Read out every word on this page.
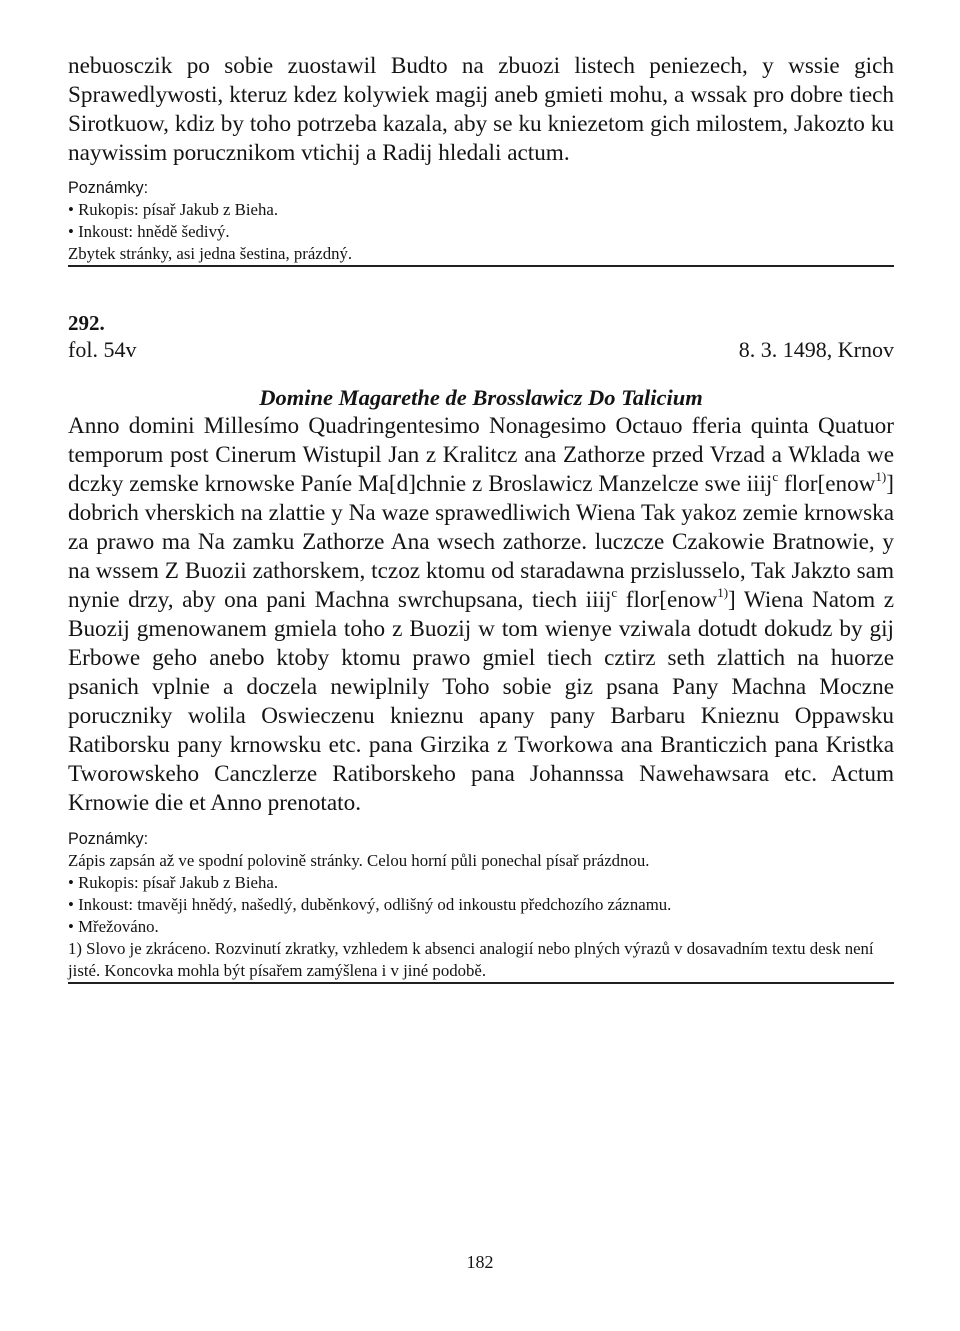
nebuosczik po sobie zuostawil Budto na zbuozi listech peniezech, y wssie gich Sprawedlywosti, kteruz kdez kolywiek magij aneb gmieti mohu, a wssak pro dobre tiech Sirotkuow, kdiz by toho potrzeba kazala, aby se ku kniezetom gich milostem, Jakozto ku naywissim porucznikom vtichij a Radij hledali actum.

Poznámky:

• Rukopis: písař Jakub z Bieha.
• Inkoust: hnědě šedivý.
Zbytek stránky, asi jedna šestina, prázdný.

292.

fol. 54v	8. 3. 1498, Krnov

Domine Magarethe de Brosslawicz Do Talicium

Anno domini Millesímo Quadringentesimo Nonagesimo Octauo fferia quinta Quatuor temporum post Cinerum Wistupil Jan z Kralitcz ana Zathorze przed Vrzad a Wklada we dczky zemske krnowske Paníe Ma[d]chnie z Broslawicz Manzelcze swe iiij$^c$ flor[enow$^{1)}$] dobrich vherskich na zlattie y Na waze sprawedliwich Wiena Tak yakoz zemie krnowska za prawo ma Na zamku Zathorze Ana wsech zathorze. luczcze Czakowie Bratnowie, y na wssem Z Buozii zathorskem, tczoz ktomu od staradawna przislusselo, Tak Jakzto sam nynie drzy, aby ona pani Machna swrchupsana, tiech iiij$^c$ flor[enow$^{1)}$] Wiena Natom z Buozij gmenowanem gmiela toho z Buozij w tom wienye vziwala dotudt dokudz by gij Erbowe geho anebo ktoby ktomu prawo gmiel tiech cztirz seth zlattich na huorze psanich vplnie a doczela newiplnily Toho sobie giz psana Pany Machna Moczne porucznikу wolila Oswieczenu knieznu apany pany Barbaru Knieznu Oppawsku Ratiborsku pany krnowsku etc. pana Girzika z Tworkowa ana Branticzich pana Kristka Tworowskeho Canczlerze Ratiborskeho pana Johannssa Nawehawsara etc. Actum Krnowie die et Anno prenotato.

Poznámky:

Zápis zapsán až ve spodní polovině stránky. Celou horní půli ponechal písař prázdnou.
• Rukopis: písař Jakub z Bieha.
• Inkoust: tmavěji hnědý, našedlý, duběnkový, odlišný od inkoustu předchozího záznamu.
• Mřežováno.
1) Slovo je zkráceno. Rozvinutí zkratky, vzhledem k absenci analogií nebo plných výrazů v dosavadním textu desk není jisté. Koncovka mohla být písařem zamýšlena i v jiné podobě.
182
